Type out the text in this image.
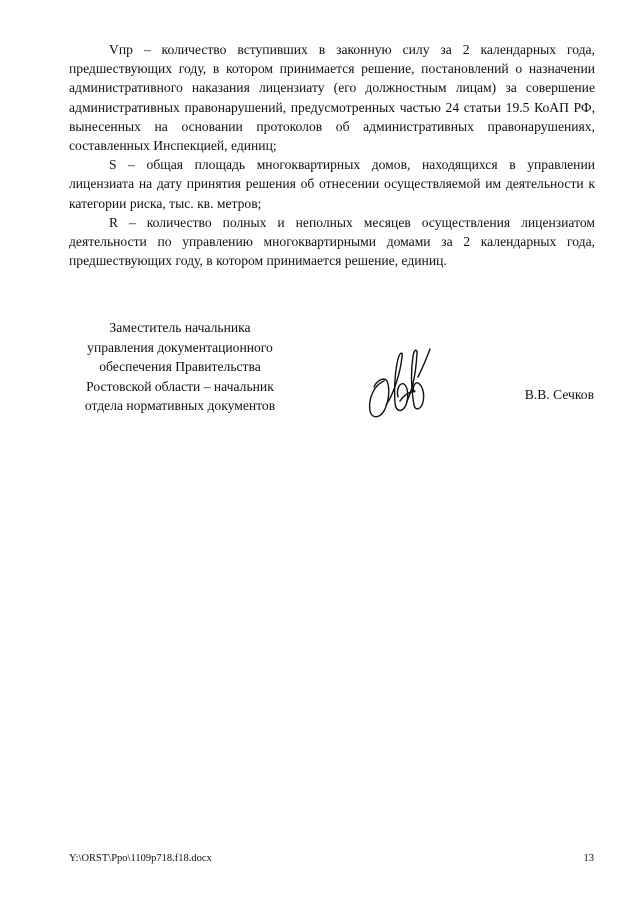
Vпр – количество вступивших в законную силу за 2 календарных года, предшествующих году, в котором принимается решение, постановлений о назначении административного наказания лицензиату (его должностным лицам) за совершение административных правонарушений, предусмотренных частью 24 статьи 19.5 КоАП РФ, вынесенных на основании протоколов об административных правонарушениях, составленных Инспекцией, единиц;

S – общая площадь многоквартирных домов, находящихся в управлении лицензиата на дату принятия решения об отнесении осуществляемой им деятельности к категории риска, тыс. кв. метров;

R – количество полных и неполных месяцев осуществления лицензиатом деятельности по управлению многоквартирными домами за 2 календарных года, предшествующих году, в котором принимается решение, единиц.

Заместитель начальника
управления документационного
обеспечения Правительства
Ростовской области – начальник
отдела нормативных документов
В.В. Сечков
Y:\ORST\Ppo\1109p718.f18.docx	13
